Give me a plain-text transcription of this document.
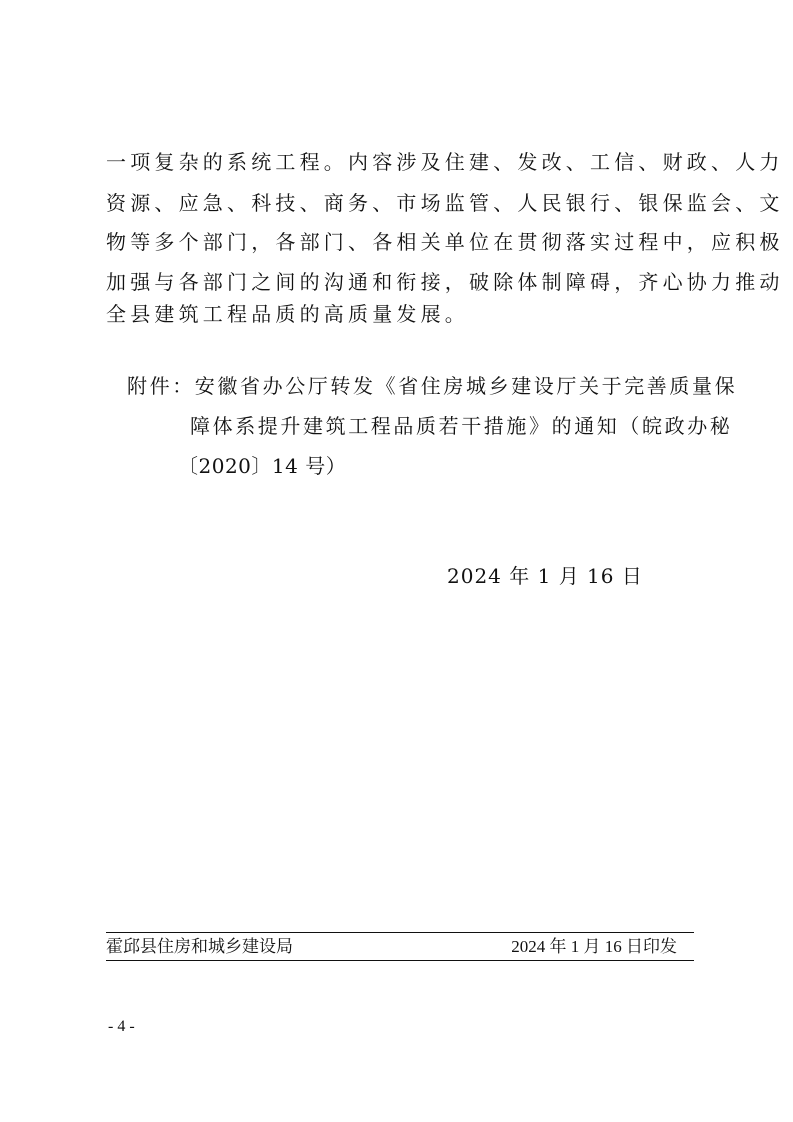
一项复杂的系统工程。内容涉及住建、发改、工信、财政、人力
资源、应急、科技、商务、市场监管、人民银行、银保监会、文
物等多个部门，各部门、各相关单位在贯彻落实过程中，应积极
加强与各部门之间的沟通和衔接，破除体制障碍，齐心协力推动
全县建筑工程品质的高质量发展。
附件：安徽省办公厅转发《省住房城乡建设厅关于完善质量保
障体系提升建筑工程品质若干措施》的通知（皖政办秘
〔2020〕14 号）
2024 年 1 月 16 日
霍邱县住房和城乡建设局	2024 年 1 月 16 日印发
- 4 -
